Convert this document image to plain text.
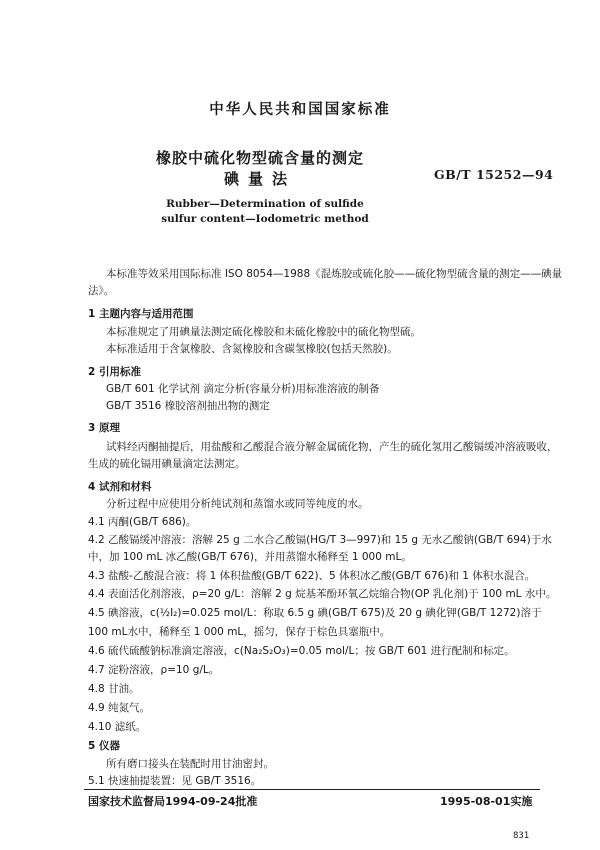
中华人民共和国国家标准
橡胶中硫化物型硫含量的测定
碘量法	GB/T 15252—94
Rubber—Determination of sulfide
sulfur content—Iodometric method
本标准等效采用国际标准 ISO 8054—1988《混炼胶或硫化胶——硫化物型硫含量的测定——碘量
法》。
1 主题内容与适用范围
本标准规定了用碘量法测定硫化橡胶和未硫化橡胶中的硫化物型硫。
本标准适用于含氯橡胶、含氮橡胶和含碳氢橡胶(包括天然胶)。
2 引用标准
GB/T 601 化学试剂 滴定分析(容量分析)用标准溶液的制备
GB/T 3516 橡胶溶剂抽出物的测定
3 原理
试料经丙酮抽提后，用盐酸和乙酸混合液分解金属硫化物，产生的硫化氢用乙酸镉缓冲溶液吸收，
生成的硫化镉用碘量滴定法测定。
4 试剂和材料
分析过程中应使用分析纯试剂和蒸馏水或同等纯度的水。
4.1 丙酮(GB/T 686)。
4.2 乙酸镉缓冲溶液：溶解 25 g 二水合乙酸镉(HG/T 3—997)和 15 g 无水乙酸钠(GB/T 694)于水
中，加 100 mL 冰乙酸(GB/T 676)，并用蒸馏水稀释至 1 000 mL。
4.3 盐酸-乙酸混合液：将 1 体积盐酸(GB/T 622)、5 体积冰乙酸(GB/T 676)和 1 体积水混合。
4.4 表面活化剂溶液，ρ=20 g/L：溶解 2 g 烷基苯酚环氧乙烷缩合物(OP 乳化剂)于 100 mL 水中。
4.5 碘溶液，c(½I₂)=0.025 mol/L：称取 6.5 g 碘(GB/T 675)及 20 g 碘化钾(GB/T 1272)溶于
100 mL水中，稀释至 1 000 mL，摇匀，保存于棕色具塞瓶中。
4.6 硫代硫酸钠标准滴定溶液，c(Na₂S₂O₃)=0.05 mol/L；按 GB/T 601 进行配制和标定。
4.7 淀粉溶液，ρ=10 g/L。
4.8 甘油。
4.9 纯氮气。
4.10 滤纸。
5 仪器
所有磨口接头在装配时用甘油密封。
5.1 快速抽提装置：见 GB/T 3516。
国家技术监督局1994-09-24批准	1995-08-01实施
831
